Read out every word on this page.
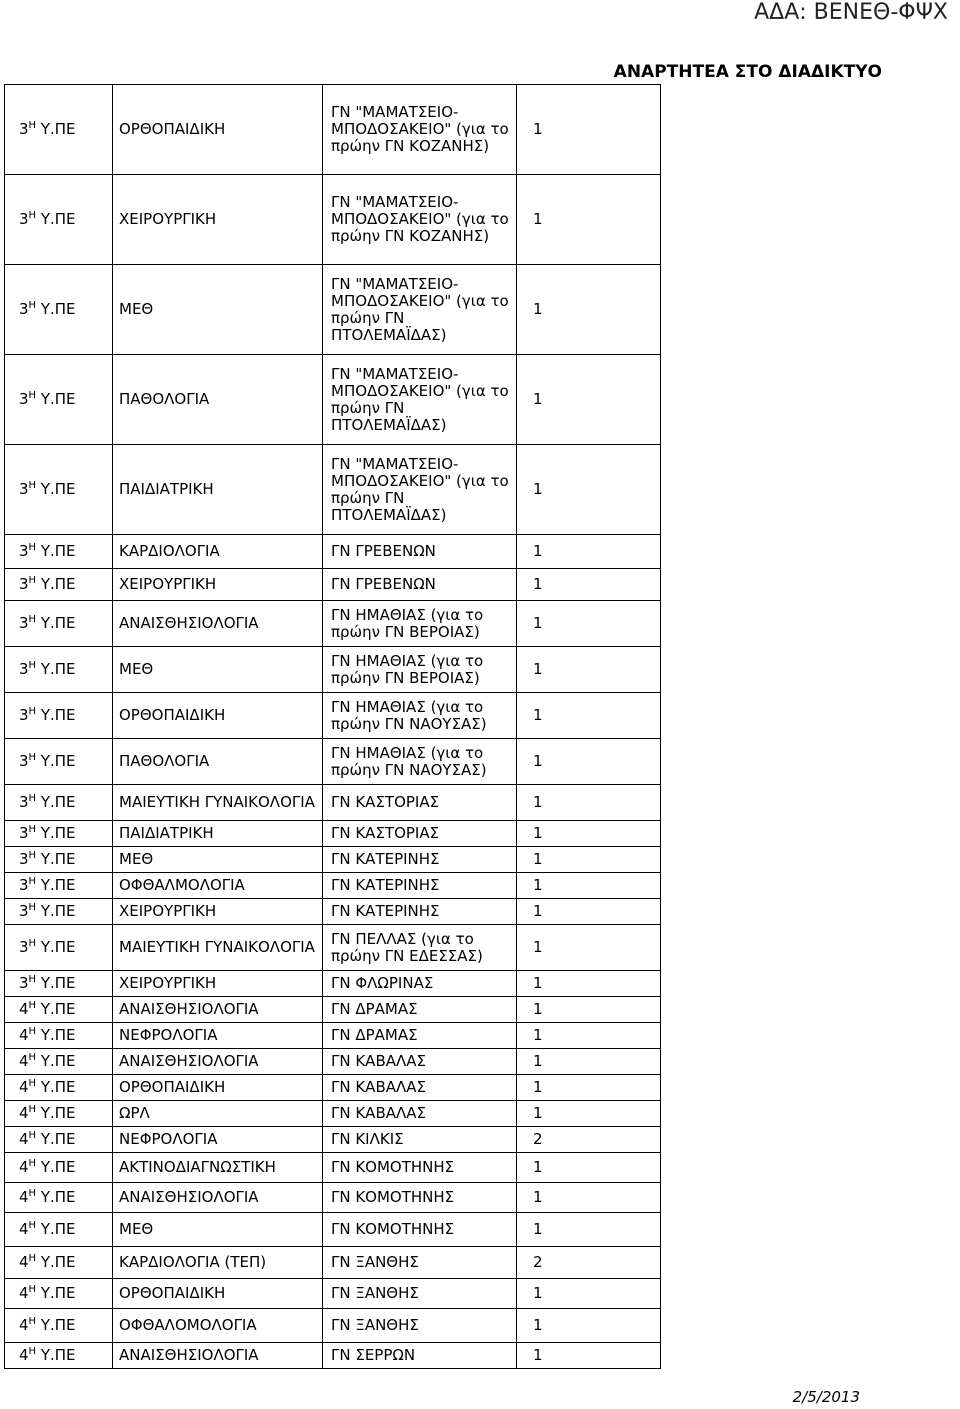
ΑΔΑ: ΒΕΝΕΘ-ΦΨΧ
ΑΝΑΡΤΗΤΕΑ ΣΤΟ ΔΙΑΔΙΚΤΥΟ
$3^H$ Υ.ΠΕ	ΟΡΘΟΠΑΙΔΙΚΗ	ΓΝ "ΜΑΜΑΤΣΕΙΟ-ΜΠΟΔΟΣΑΚΕΙΟ" (για το πρώην ΓΝ ΚΟΖΑΝΗΣ)	1
$3^H$ Υ.ΠΕ	ΧΕΙΡΟΥΡΓΙΚΗ	ΓΝ "ΜΑΜΑΤΣΕΙΟ-ΜΠΟΔΟΣΑΚΕΙΟ" (για το πρώην ΓΝ ΚΟΖΑΝΗΣ)	1
$3^H$ Υ.ΠΕ	ΜΕΘ	ΓΝ "ΜΑΜΑΤΣΕΙΟ-ΜΠΟΔΟΣΑΚΕΙΟ" (για το πρώην ΓΝ ΠΤΟΛΕΜΑΪΔΑΣ)	1
$3^H$ Υ.ΠΕ	ΠΑΘΟΛΟΓΙΑ	ΓΝ "ΜΑΜΑΤΣΕΙΟ-ΜΠΟΔΟΣΑΚΕΙΟ" (για το πρώην ΓΝ ΠΤΟΛΕΜΑΪΔΑΣ)	1
$3^H$ Υ.ΠΕ	ΠΑΙΔΙΑΤΡΙΚΗ	ΓΝ "ΜΑΜΑΤΣΕΙΟ-ΜΠΟΔΟΣΑΚΕΙΟ" (για το πρώην ΓΝ ΠΤΟΛΕΜΑΪΔΑΣ)	1
$3^H$ Υ.ΠΕ	ΚΑΡΔΙΟΛΟΓΙΑ	ΓΝ ΓΡΕΒΕΝΩΝ	1
$3^H$ Υ.ΠΕ	ΧΕΙΡΟΥΡΓΙΚΗ	ΓΝ ΓΡΕΒΕΝΩΝ	1
$3^H$ Υ.ΠΕ	ΑΝΑΙΣΘΗΣΙΟΛΟΓΙΑ	ΓΝ ΗΜΑΘΙΑΣ (για το πρώην ΓΝ ΒΕΡΟΙΑΣ)	1
$3^H$ Υ.ΠΕ	ΜΕΘ	ΓΝ ΗΜΑΘΙΑΣ (για το πρώην ΓΝ ΒΕΡΟΙΑΣ)	1
$3^H$ Υ.ΠΕ	ΟΡΘΟΠΑΙΔΙΚΗ	ΓΝ ΗΜΑΘΙΑΣ (για το πρώην ΓΝ ΝΑΟΥΣΑΣ)	1
$3^H$ Υ.ΠΕ	ΠΑΘΟΛΟΓΙΑ	ΓΝ ΗΜΑΘΙΑΣ (για το πρώην ΓΝ ΝΑΟΥΣΑΣ)	1
$3^H$ Υ.ΠΕ	ΜΑΙΕΥΤΙΚΗ ΓΥΝΑΙΚΟΛΟΓΙΑ	ΓΝ ΚΑΣΤΟΡΙΑΣ	1
$3^H$ Υ.ΠΕ	ΠΑΙΔΙΑΤΡΙΚΗ	ΓΝ ΚΑΣΤΟΡΙΑΣ	1
$3^H$ Υ.ΠΕ	ΜΕΘ	ΓΝ ΚΑΤΕΡΙΝΗΣ	1
$3^H$ Υ.ΠΕ	ΟΦΘΑΛΜΟΛΟΓΙΑ	ΓΝ ΚΑΤΕΡΙΝΗΣ	1
$3^H$ Υ.ΠΕ	ΧΕΙΡΟΥΡΓΙΚΗ	ΓΝ ΚΑΤΕΡΙΝΗΣ	1
$3^H$ Υ.ΠΕ	ΜΑΙΕΥΤΙΚΗ ΓΥΝΑΙΚΟΛΟΓΙΑ	ΓΝ ΠΕΛΛΑΣ (για το πρώην ΓΝ ΕΔΕΣΣΑΣ)	1
$3^H$ Υ.ΠΕ	ΧΕΙΡΟΥΡΓΙΚΗ	ΓΝ ΦΛΩΡΙΝΑΣ	1
$4^H$ Υ.ΠΕ	ΑΝΑΙΣΘΗΣΙΟΛΟΓΙΑ	ΓΝ ΔΡΑΜΑΣ	1
$4^H$ Υ.ΠΕ	ΝΕΦΡΟΛΟΓΙΑ	ΓΝ ΔΡΑΜΑΣ	1
$4^H$ Υ.ΠΕ	ΑΝΑΙΣΘΗΣΙΟΛΟΓΙΑ	ΓΝ ΚΑΒΑΛΑΣ	1
$4^H$ Υ.ΠΕ	ΟΡΘΟΠΑΙΔΙΚΗ	ΓΝ ΚΑΒΑΛΑΣ	1
$4^H$ Υ.ΠΕ	ΩΡΛ	ΓΝ ΚΑΒΑΛΑΣ	1
$4^H$ Υ.ΠΕ	ΝΕΦΡΟΛΟΓΙΑ	ΓΝ ΚΙΛΚΙΣ	2
$4^H$ Υ.ΠΕ	ΑΚΤΙΝΟΔΙΑΓΝΩΣΤΙΚΗ	ΓΝ ΚΟΜΟΤΗΝΗΣ	1
$4^H$ Υ.ΠΕ	ΑΝΑΙΣΘΗΣΙΟΛΟΓΙΑ	ΓΝ ΚΟΜΟΤΗΝΗΣ	1
$4^H$ Υ.ΠΕ	ΜΕΘ	ΓΝ ΚΟΜΟΤΗΝΗΣ	1
$4^H$ Υ.ΠΕ	ΚΑΡΔΙΟΛΟΓΙΑ (ΤΕΠ)	ΓΝ ΞΑΝΘΗΣ	2
$4^H$ Υ.ΠΕ	ΟΡΘΟΠΑΙΔΙΚΗ	ΓΝ ΞΑΝΘΗΣ	1
$4^H$ Υ.ΠΕ	ΟΦΘΑΛΟΜΟΛΟΓΙΑ	ΓΝ ΞΑΝΘΗΣ	1
$4^H$ Υ.ΠΕ	ΑΝΑΙΣΘΗΣΙΟΛΟΓΙΑ	ΓΝ ΣΕΡΡΩΝ	1
2/5/2013
